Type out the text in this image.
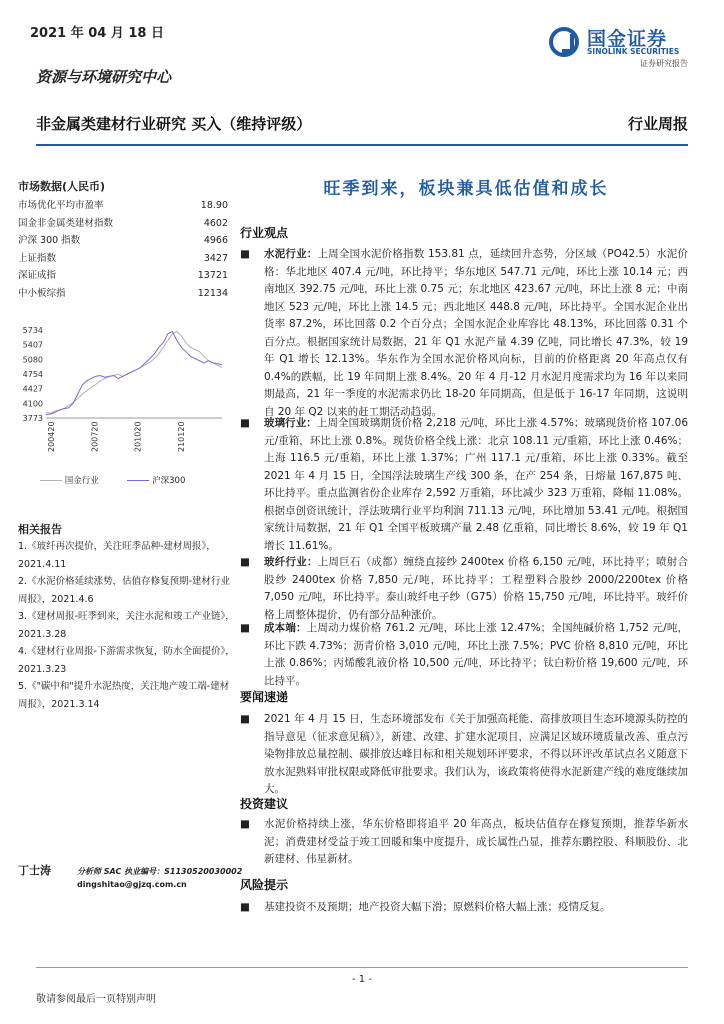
2021 年 04 月 18 日	国金证券
SINOLINK SECURITIES
证券研究报告
资源与环境研究中心
非金属类建材行业研究 买入（维持评级）	行业周报
市场数据(人民币)
市场优化平均市盈率	18.90
国金非金属类建材指数	4602
沪深 300 指数	4966
上证指数	3427
深证成指	13721
中小板综指	12134
5734
5407
5080
4754
4427
4100
3773
200420	200720	201020	210120
国金行业	沪深300
相关报告
1.《玻纤再次提价，关注旺季品种-建材周报》，2021.4.11
2.《水泥价格延续涨势，估值存修复预期-建材行业周报》，2021.4.6
3.《建材周报-旺季到来，关注水泥和竣工产业链》，2021.3.28
4.《建材行业周报-下游需求恢复，防水全面提价》，2021.3.23
5.《"碳中和"提升水泥热度，关注地产竣工端-建材周报》，2021.3.14
丁士涛	分析师 SAC 执业编号：S1130520030002
dingshitao@gjzq.com.cn
旺季到来，板块兼具低估值和成长
行业观点
■ 水泥行业：上周全国水泥价格指数 153.81 点，延续回升态势，分区域（PO42.5）水泥价格：华北地区 407.4 元/吨，环比持平；华东地区 547.71 元/吨，环比上涨 10.14 元；西南地区 392.75 元/吨，环比上涨 0.75 元；东北地区 423.67 元/吨，环比上涨 8 元；中南地区 523 元/吨，环比上涨 14.5 元；西北地区 448.8 元/吨，环比持平。全国水泥企业出货率 87.2%，环比回落 0.2 个百分点；全国水泥企业库容比 48.13%，环比回落 0.31 个百分点。根据国家统计局数据，21 年 Q1 水泥产量 4.39 亿吨，同比增长 47.3%，较 19 年 Q1 增长 12.13%。华东作为全国水泥价格风向标，目前的价格距离 20 年高点仅有 0.4%的跌幅，比 19 年同期上涨 8.4%。20 年 4 月-12 月水泥月度需求均为 16 年以来同期最高，21 年一季度的水泥需求仍比 18-20 年同期高，但是低于 16-17 年同期，这说明自 20 年 Q2 以来的赶工期活动趋弱。
■ 玻璃行业：上周全国玻璃期货价格 2,218 元/吨，环比上涨 4.57%；玻璃现货价格 107.06 元/重箱，环比上涨 0.8%。现货价格全线上涨：北京 108.11 元/重箱，环比上涨 0.46%；上海 116.5 元/重箱，环比上涨 1.37%；广州 117.1 元/重箱，环比上涨 0.33%。截至 2021 年 4 月 15 日，全国浮法玻璃生产线 300 条，在产 254 条，日熔量 167,875 吨、环比持平。重点监测省份企业库存 2,592 万重箱，环比减少 323 万重箱，降幅 11.08%。根据卓创资讯统计，浮法玻璃行业平均利润 711.13 元/吨，环比增加 53.41 元/吨。根据国家统计局数据，21 年 Q1 全国平板玻璃产量 2.48 亿重箱，同比增长 8.6%，较 19 年 Q1 增长 11.61%。
■ 玻纤行业：上周巨石（成都）缠绕直接纱 2400tex 价格 6,150 元/吨，环比持平；喷射合股纱 2400tex 价格 7,850 元/吨，环比持平；工程塑料合股纱 2000/2200tex 价格 7,050 元/吨，环比持平。泰山玻纤电子纱（G75）价格 15,750 元/吨，环比持平。玻纤价格上周整体提价，仍有部分品种涨价。
■ 成本端：上周动力煤价格 761.2 元/吨，环比上涨 12.47%；全国纯碱价格 1,752 元/吨，环比下跌 4.73%；沥青价格 3,010 元/吨，环比上涨 7.5%；PVC 价格 8,810 元/吨，环比上涨 0.86%；丙烯酸乳液价格 10,500 元/吨，环比持平；钛白粉价格 19,600 元/吨，环比持平。
要闻速递
■ 2021 年 4 月 15 日，生态环境部发布《关于加强高耗能、高排放项目生态环境源头防控的指导意见（征求意见稿）》，新建、改建、扩建水泥项目，应满足区域环境质量改善、重点污染物排放总量控制、碳排放达峰目标和相关规划环评要求，不得以环评改革试点名义随意下放水泥熟料审批权限或降低审批要求。我们认为，该政策将使得水泥新建产线的难度继续加大。
投资建议
■ 水泥价格持续上涨，华东价格即将追平 20 年高点，板块估值存在修复预期，推荐华新水泥；消费建材受益于竣工回暖和集中度提升，成长属性凸显，推荐东鹏控股、科顺股份、北新建材、伟星新材。
风险提示
■ 基建投资不及预期；地产投资大幅下滑；原燃料价格大幅上涨；疫情反复。
- 1 -
敬请参阅最后一页特别声明
